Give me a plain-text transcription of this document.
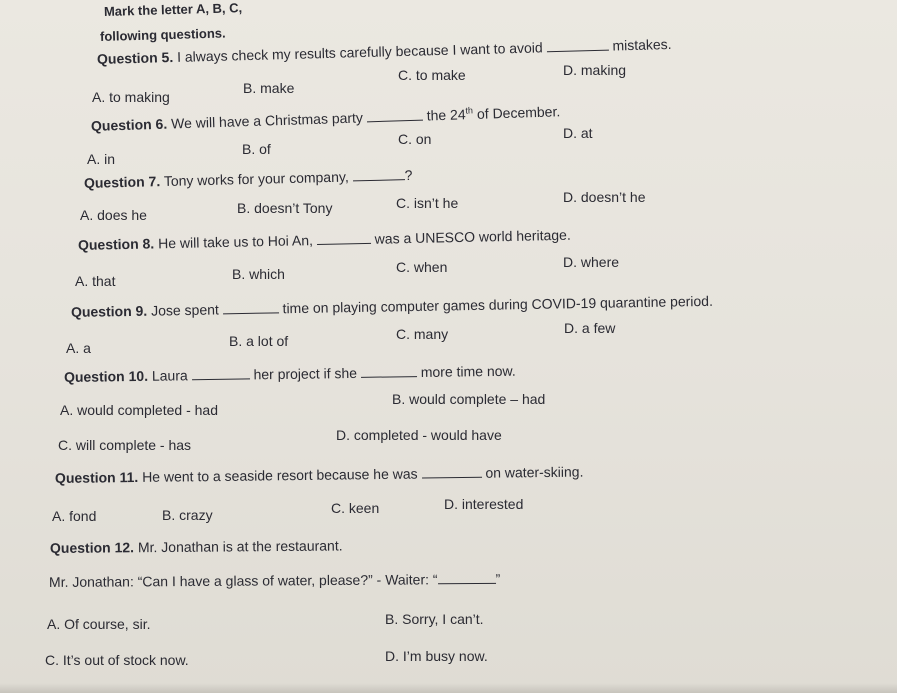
Mark the letter A, B, C,
following questions.
Question 5. I always check my results carefully because I want to avoid	mistakes.
A. to making
B. make
C. to make	D. making
Question 6. We will have a Christmas party	the 24th of December.
A. in
B. of
C. on	D. at
Question 7. Tony works for your company,	?
A. does he	B. doesn’t Tony	C. isn’t he	D. doesn’t he
Question 8. He will take us to Hoi An,	was a UNESCO world heritage.
A. that	B. which	C. when	D. where
Question 9. Jose spent	time on playing computer games during COVID-19 quarantine period.
A. a	B. a lot of	C. many	D. a few
Question 10. Laura	her project if she	more time now.
A. would completed - had
B. would complete – had
C. will complete - has
D. completed - would have
Question 11. He went to a seaside resort because he was	on water-skiing.
A. fond	B. crazy	C. keen	D. interested
Question 12. Mr. Jonathan is at the restaurant.
Mr. Jonathan: “Can I have a glass of water, please?” - Waiter: “	”
A. Of course, sir.	B. Sorry, I can’t.
C. It’s out of stock now.	D. I’m busy now.
